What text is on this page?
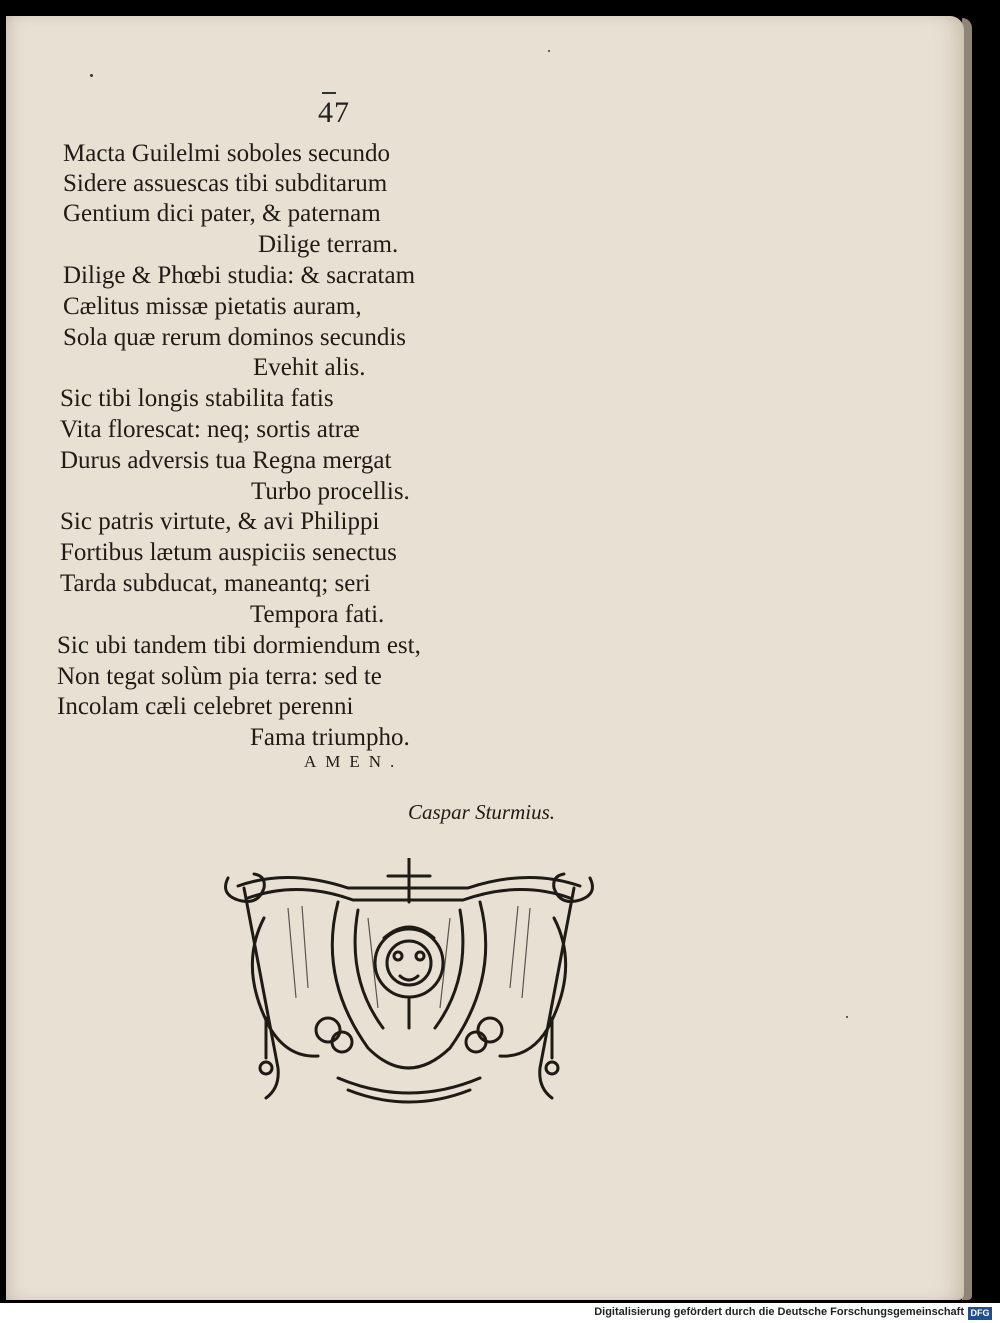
47
Macta Guilelmi soboles secundo
Sidere assuescas tibi subditarum
Gentium dici pater, & paternam
Dilige terram.
Dilige & Phœbi studia: & sacratam
Cælitus missæ pietatis auram,
Sola quæ rerum dominos secundis
Evehit alis.
Sic tibi longis stabilita fatis
Vita florescat: neq; sortis atræ
Durus adversis tua Regna mergat
Turbo procellis.
Sic patris virtute, & avi Philippi
Fortibus lætum auspiciis senectus
Tarda subducat, maneantq; seri
Tempora fati.
Sic ubi tandem tibi dormiendum est,
Non tegat solùm pia terra: sed te
Incolam cæli celebret perenni
Fama triumpho.
AMEN.
Caspar Sturmius.
Digitalisierung gefördert durch die Deutsche Forschungsgemeinschaft DFG
